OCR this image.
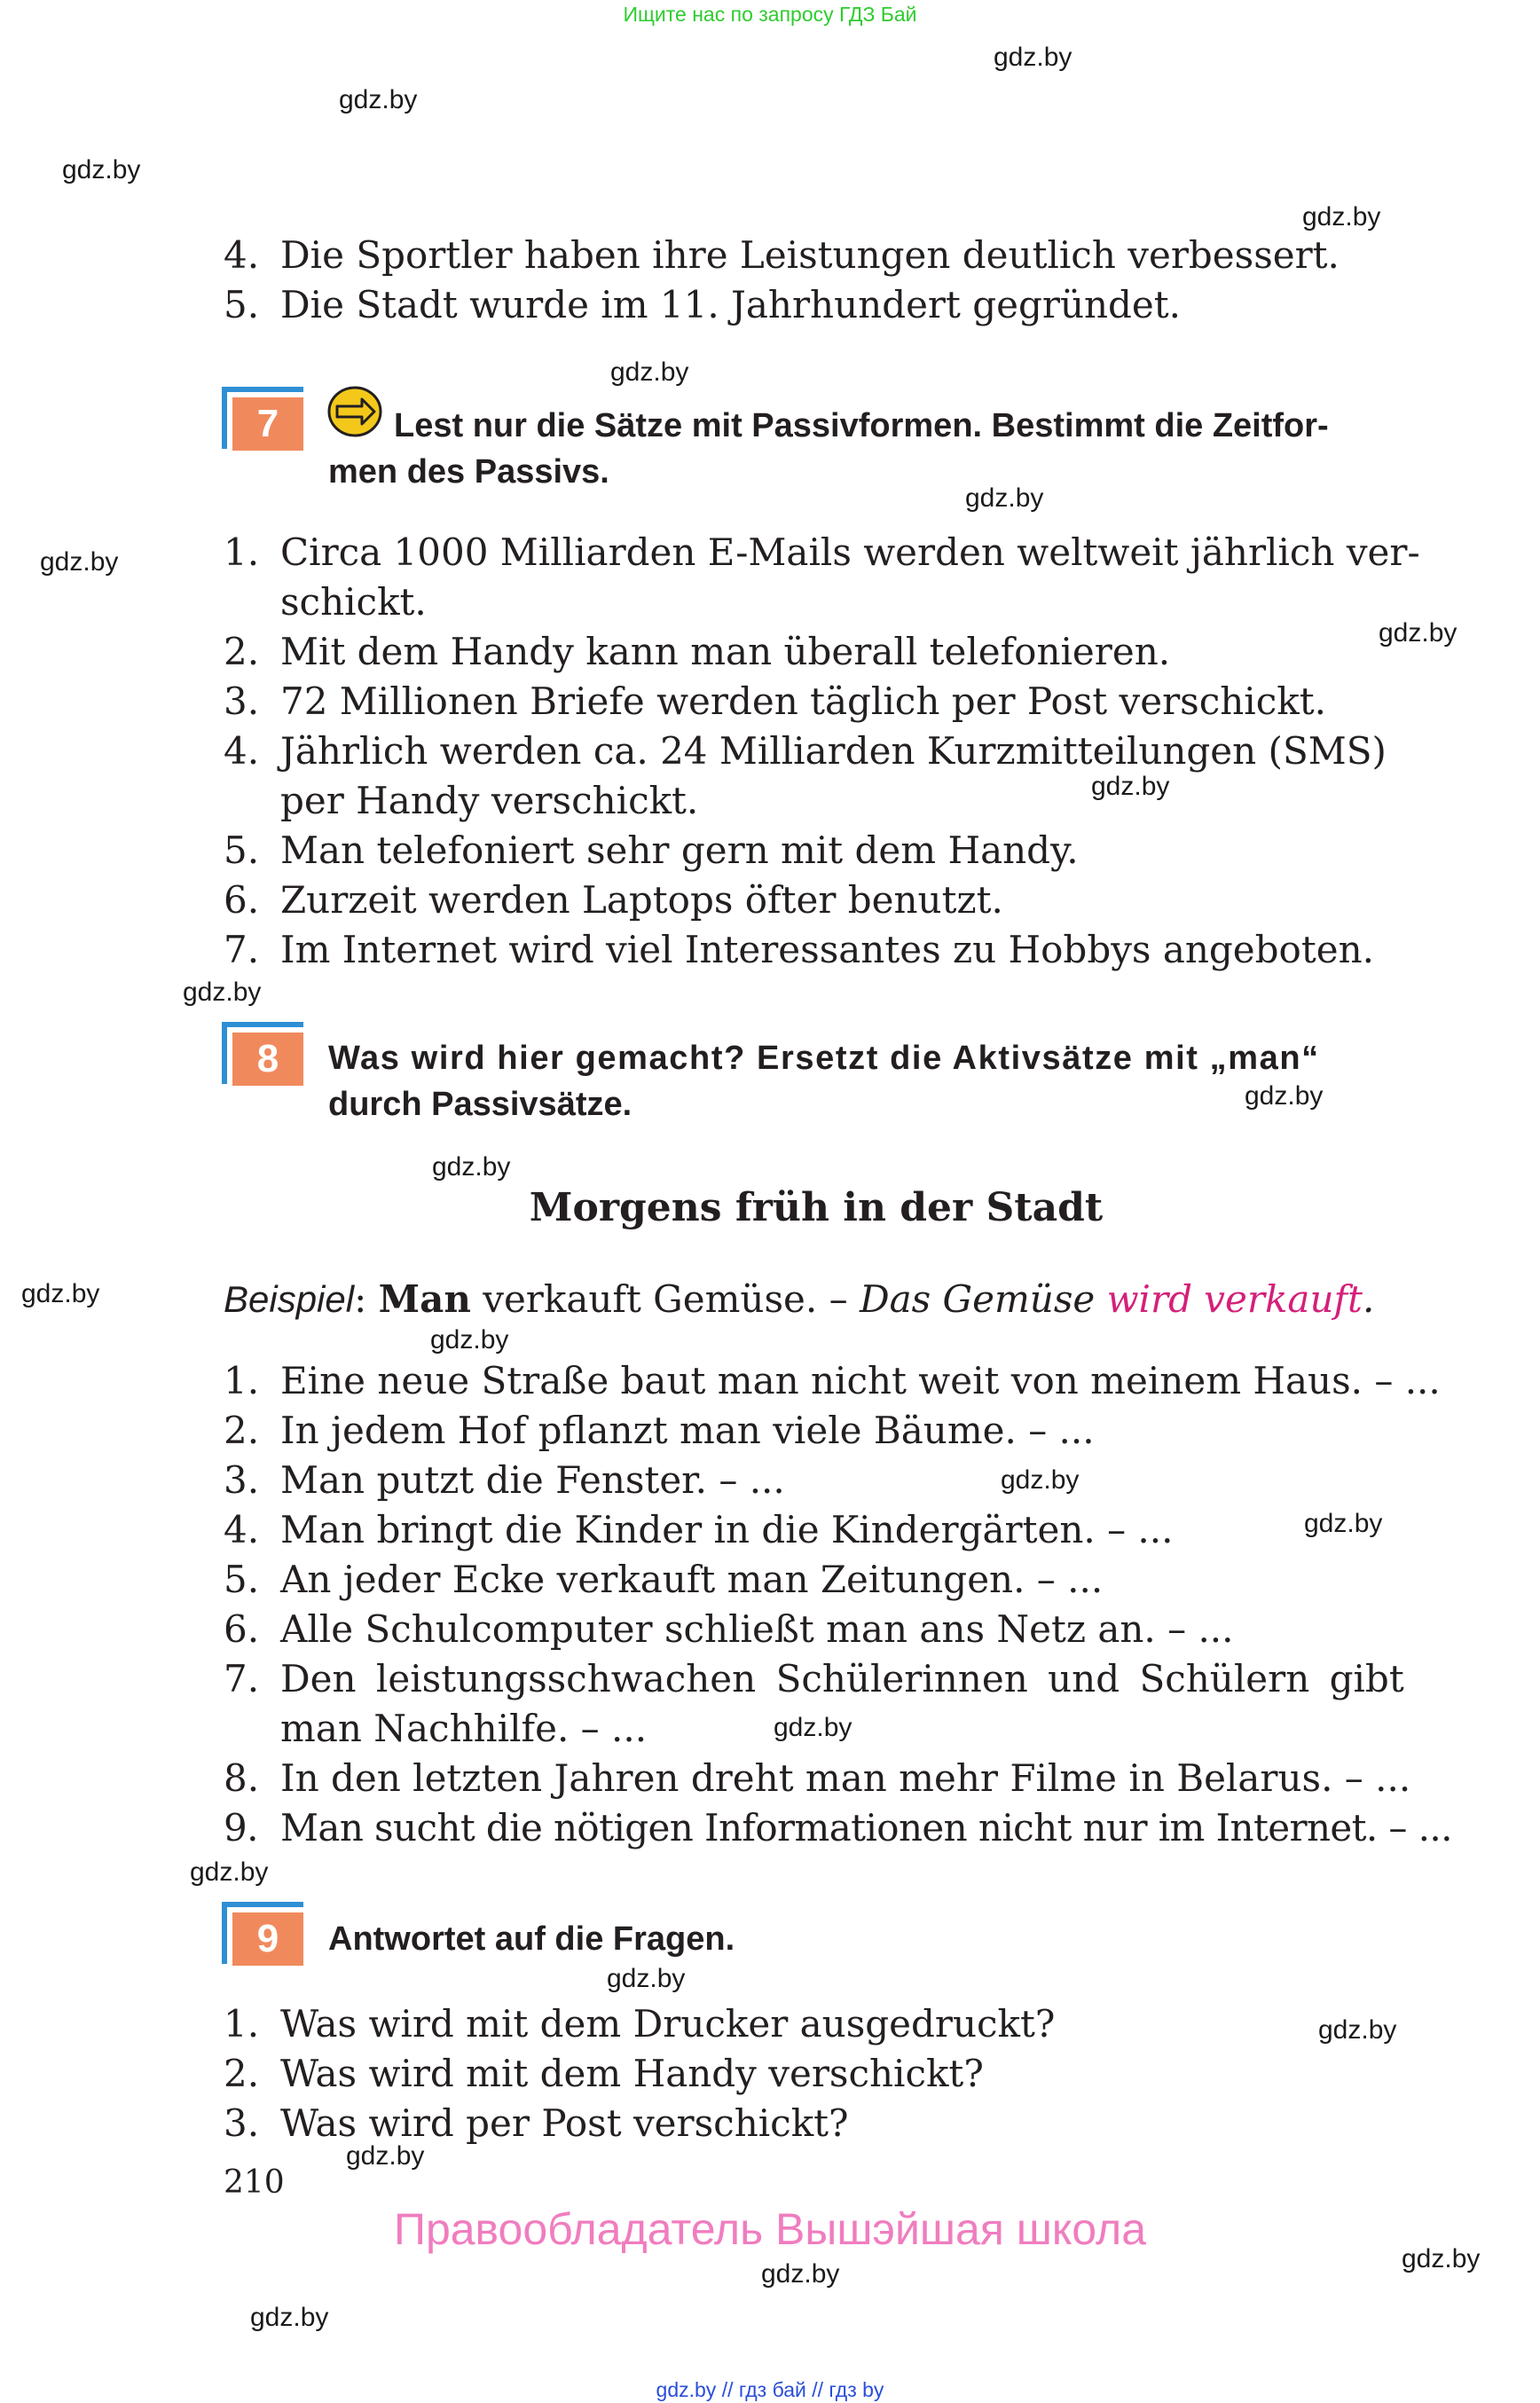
Ищите нас по запросу ГДЗ Бай
gdz.by
gdz.by
gdz.by
gdz.by
gdz.by
gdz.by
gdz.by
gdz.by
gdz.by
gdz.by
gdz.by
gdz.by
gdz.by
gdz.by
gdz.by
gdz.by
gdz.by
gdz.by
gdz.by
gdz.by
gdz.by
gdz.by
gdz.by
gdz.by
4. Die Sportler haben ihre Leistungen deutlich verbessert.
5. Die Stadt wurde im 11. Jahrhundert gegründet.
7	Lest nur die Sätze mit Passivformen. Bestimmt die Zeitfor-
men des Passivs.
1. Circa 1000 Milliarden E-Mails werden weltweit jährlich ver-
schickt.
2. Mit dem Handy kann man überall telefonieren.
3. 72 Millionen Briefe werden täglich per Post verschickt.
4. Jährlich werden ca. 24 Milliarden Kurzmitteilungen (SMS)
per Handy verschickt.
5. Man telefoniert sehr gern mit dem Handy.
6. Zurzeit werden Laptops öfter benutzt.
7. Im Internet wird viel Interessantes zu Hobbys angeboten.
8	Was wird hier gemacht? Ersetzt die Aktivsätze mit „man“
durch Passivsätze.
Morgens früh in der Stadt
Beispiel: Man verkauft Gemüse. – Das Gemüse wird verkauft.
1. Eine neue Straße baut man nicht weit von meinem Haus. – ...
2. In jedem Hof pflanzt man viele Bäume. – ...
3. Man putzt die Fenster. – ...
4. Man bringt die Kinder in die Kindergärten. – ...
5. An jeder Ecke verkauft man Zeitungen. – ...
6. Alle Schulcomputer schließt man ans Netz an. – ...
7. Den leistungsschwachen Schülerinnen und Schülern gibt
man Nachhilfe. – ...
8. In den letzten Jahren dreht man mehr Filme in Belarus. – ...
9. Man sucht die nötigen Informationen nicht nur im Internet. – ...
9	Antwortet auf die Fragen.
1. Was wird mit dem Drucker ausgedruckt?
2. Was wird mit dem Handy verschickt?
3. Was wird per Post verschickt?
210
Правообладатель Вышэйшая школа
gdz.by // гдз бай // гдз by
